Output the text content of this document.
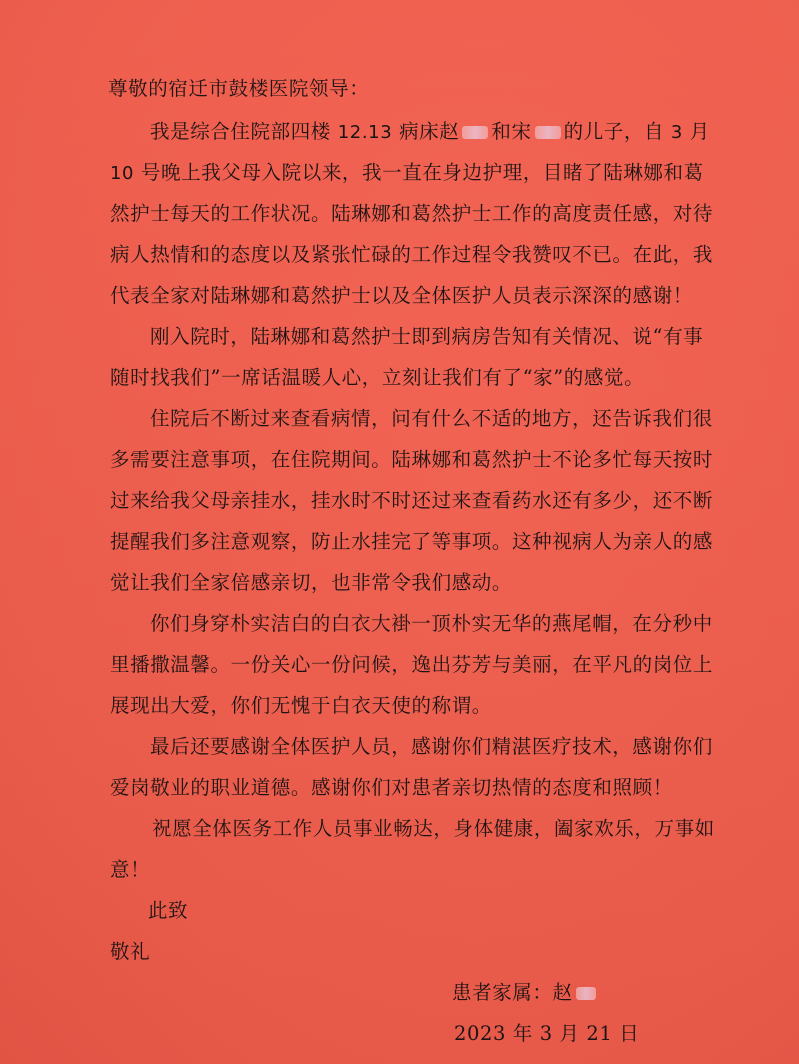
尊敬的宿迁市鼓楼医院领导：
我是综合住院部四楼 12.13 病床赵 和宋 的儿子，自 3 月
10 号晚上我父母入院以来，我一直在身边护理，目睹了陆琳娜和葛
然护士每天的工作状况。陆琳娜和葛然护士工作的高度责任感，对待
病人热情和的态度以及紧张忙碌的工作过程令我赞叹不已。在此，我
代表全家对陆琳娜和葛然护士以及全体医护人员表示深深的感谢！
刚入院时，陆琳娜和葛然护士即到病房告知有关情况、说“有事
随时找我们”一席话温暖人心，立刻让我们有了“家”的感觉。
住院后不断过来查看病情，问有什么不适的地方，还告诉我们很
多需要注意事项，在住院期间。陆琳娜和葛然护士不论多忙每天按时
过来给我父母亲挂水，挂水时不时还过来查看药水还有多少，还不断
提醒我们多注意观察，防止水挂完了等事项。这种视病人为亲人的感
觉让我们全家倍感亲切，也非常令我们感动。
你们身穿朴实洁白的白衣大褂一顶朴实无华的燕尾帽，在分秒中
里播撒温馨。一份关心一份问候，逸出芬芳与美丽，在平凡的岗位上
展现出大爱，你们无愧于白衣天使的称谓。
最后还要感谢全体医护人员，感谢你们精湛医疗技术，感谢你们
爱岗敬业的职业道德。感谢你们对患者亲切热情的态度和照顾！
祝愿全体医务工作人员事业畅达，身体健康，阖家欢乐，万事如
意！
此致
敬礼
患者家属：赵
2023 年 3 月 21 日
